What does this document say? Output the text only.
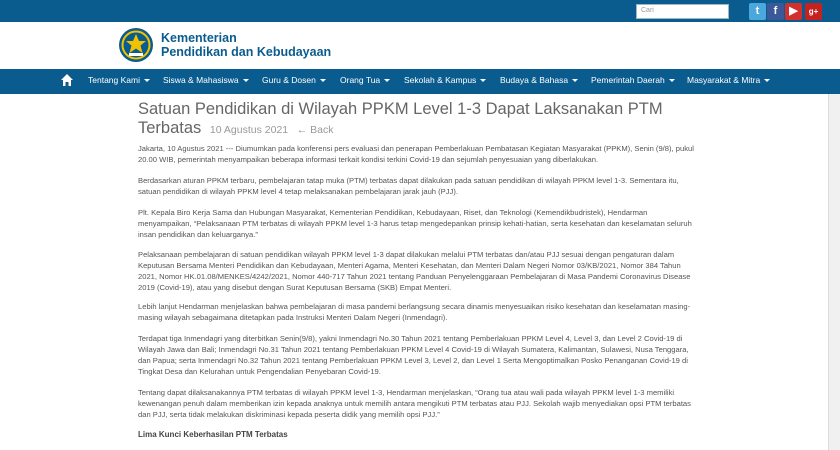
Cari	t	f	▶	g+
Kementerian
Pendidikan dan Kebudayaan
Tentang Kami	Siswa & Mahasiswa	Guru & Dosen	Orang Tua	Sekolah & Kampus	Budaya & Bahasa	Pemerintah Daerah	Masyarakat & Mitra
Satuan Pendidikan di Wilayah PPKM Level 1-3 Dapat Laksanakan PTM Terbatas 10 Agustus 2021 ← Back

Jakarta, 10 Agustus 2021 --- Diumumkan pada konferensi pers evaluasi dan penerapan Pemberlakuan Pembatasan Kegiatan Masyarakat (PPKM), Senin (9/8), pukul 20.00 WIB, pemerintah menyampaikan beberapa informasi terkait kondisi terkini Covid-19 dan sejumlah penyesuaian yang diberlakukan.

Berdasarkan aturan PPKM terbaru, pembelajaran tatap muka (PTM) terbatas dapat dilakukan pada satuan pendidikan di wilayah PPKM level 1-3. Sementara itu, satuan pendidikan di wilayah PPKM level 4 tetap melaksanakan pembelajaran jarak jauh (PJJ).

Plt. Kepala Biro Kerja Sama dan Hubungan Masyarakat, Kementerian Pendidikan, Kebudayaan, Riset, dan Teknologi (Kemendikbudristek), Hendarman menyampaikan, “Pelaksanaan PTM terbatas di wilayah PPKM level 1-3 harus tetap mengedepankan prinsip kehati-hatian, serta kesehatan dan keselamatan seluruh insan pendidikan dan keluarganya.”

Pelaksanaan pembelajaran di satuan pendidikan wilayah PPKM level 1-3 dapat dilakukan melalui PTM terbatas dan/atau PJJ sesuai dengan pengaturan dalam Keputusan Bersama Menteri Pendidikan dan Kebudayaan, Menteri Agama, Menteri Kesehatan, dan Menteri Dalam Negeri Nomor 03/KB/2021, Nomor 384 Tahun 2021, Nomor HK.01.08/MENKES/4242/2021, Nomor 440-717 Tahun 2021 tentang Panduan Penyelenggaraan Pembelajaran di Masa Pandemi Coronavirus Disease 2019 (Covid-19), atau yang disebut dengan Surat Keputusan Bersama (SKB) Empat Menteri.

Lebih lanjut Hendarman menjelaskan bahwa pembelajaran di masa pandemi berlangsung secara dinamis menyesuaikan risiko kesehatan dan keselamatan masing-masing wilayah sebagaimana ditetapkan pada Instruksi Menteri Dalam Negeri (Inmendagri).

Terdapat tiga Inmendagri yang diterbitkan Senin(9/8), yakni Inmendagri No.30 Tahun 2021 tentang Pemberlakuan PPKM Level 4, Level 3, dan Level 2 Covid-19 di Wilayah Jawa dan Bali; Inmendagri No.31 Tahun 2021 tentang Pemberlakuan PPKM Level 4 Covid-19 di Wilayah Sumatera, Kalimantan, Sulawesi, Nusa Tenggara, dan Papua; serta Inmendagri No.32 Tahun 2021 tentang Pemberlakuan PPKM Level 3, Level 2, dan Level 1 Serta Mengoptimalkan Posko Penanganan Covid-19 di Tingkat Desa dan Kelurahan untuk Pengendalian Penyebaran Covid-19.

Tentang dapat dilaksanakannya PTM terbatas di wilayah PPKM level 1-3, Hendarman menjelaskan, “Orang tua atau wali pada wilayah PPKM level 1-3 memiliki kewenangan penuh dalam memberikan izin kepada anaknya untuk memilih antara mengikuti PTM terbatas atau PJJ. Sekolah wajib menyediakan opsi PTM terbatas dan PJJ, serta tidak melakukan diskriminasi kepada peserta didik yang memilih opsi PJJ.”

Lima Kunci Keberhasilan PTM Terbatas
